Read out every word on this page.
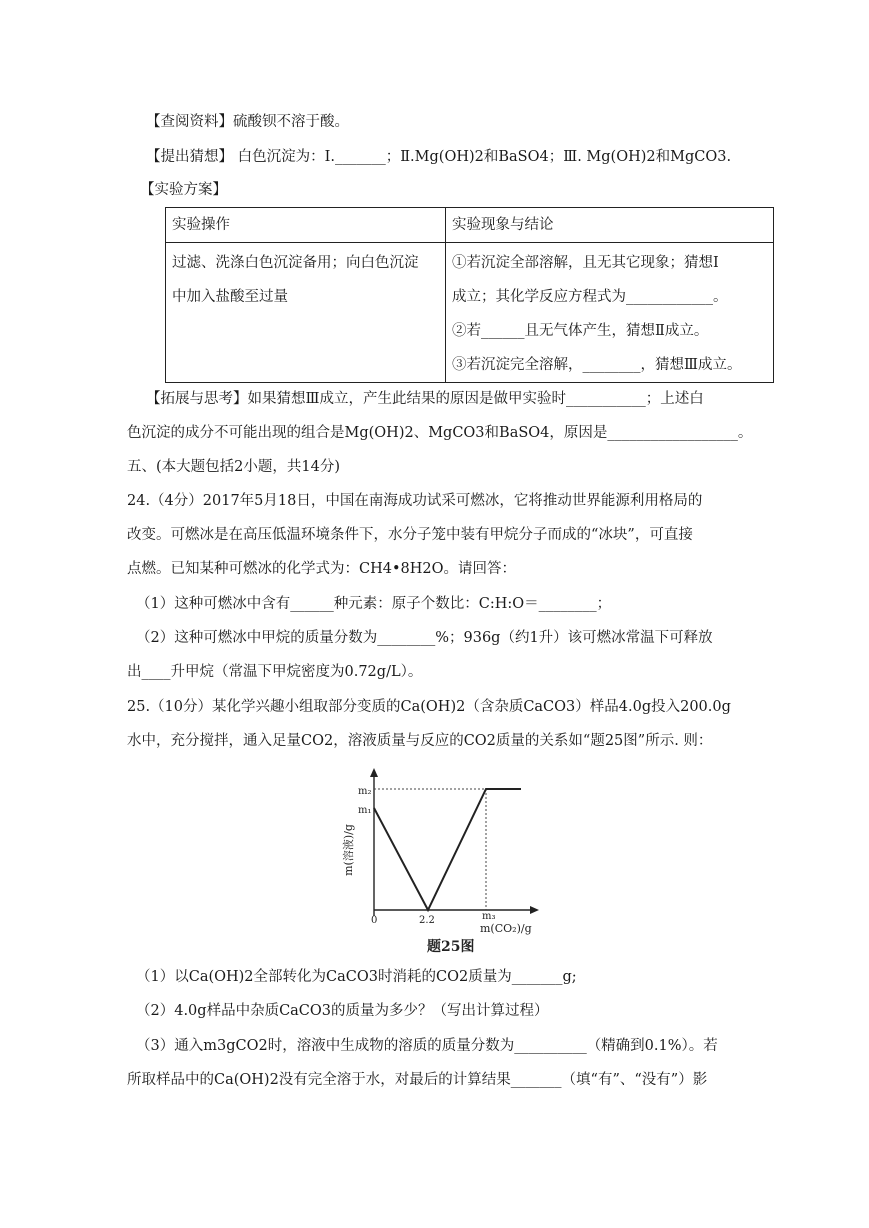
【查阅资料】硫酸钡不溶于酸。
【提出猜想】 白色沉淀为：Ⅰ._______；Ⅱ.Mg(OH)2和BaSO4；Ⅲ. Mg(OH)2和MgCO3.
【实验方案】
实验操作	实验现象与结论

过滤、洗涤白色沉淀备用；向白色沉淀
中加入盐酸至过量	①若沉淀全部溶解，且无其它现象；猜想Ⅰ
成立；其化学反应方程式为____________。
②若______且无气体产生，猜想Ⅱ成立。
③若沉淀完全溶解，________，猜想Ⅲ成立。
【拓展与思考】如果猜想Ⅲ成立，产生此结果的原因是做甲实验时___________；上述白
色沉淀的成分不可能出现的组合是Mg(OH)2、MgCO3和BaSO4，原因是__________________。
五、(本大题包括2小题，共14分)
24.（4分）2017年5月18日，中国在南海成功试采可燃冰，它将推动世界能源利用格局的
改变。可燃冰是在高压低温环境条件下，水分子笼中装有甲烷分子而成的“冰块”，可直接
点燃。已知某种可燃冰的化学式为：CH4•8H2O。请回答：
（1）这种可燃冰中含有______种元素：原子个数比：C:H:O＝________；
（2）这种可燃冰中甲烷的质量分数为________%；936g（约1升）该可燃冰常温下可释放
出____升甲烷（常温下甲烷密度为0.72g/L）。
25.（10分）某化学兴趣小组取部分变质的Ca(OH)2（含杂质CaCO3）样品4.0g投入200.0g
水中，充分搅拌，通入足量CO2，溶液质量与反应的CO2质量的关系如“题25图”所示. 则：
m(溶液)/g
m₂
m₁
0	2.2	m₃
m(CO₂)/g
题25图
（1）以Ca(OH)2全部转化为CaCO3时消耗的CO2质量为_______g;
（2）4.0g样品中杂质CaCO3的质量为多少？（写出计算过程）
（3）通入m3gCO2时，溶液中生成物的溶质的质量分数为__________（精确到0.1%）。若
所取样品中的Ca(OH)2没有完全溶于水，对最后的计算结果_______（填“有”、“没有”）影
